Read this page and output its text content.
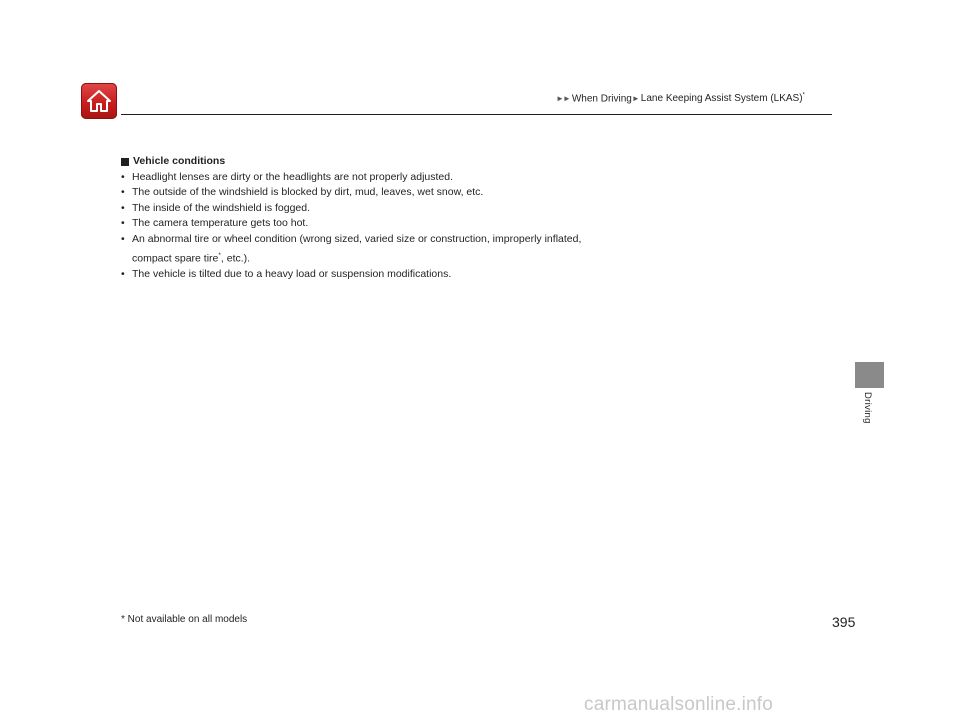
►► When Driving► Lane Keeping Assist System (LKAS)*

Vehicle conditions

• Headlight lenses are dirty or the headlights are not properly adjusted.
• The outside of the windshield is blocked by dirt, mud, leaves, wet snow, etc.
• The inside of the windshield is fogged.
• The camera temperature gets too hot.
• An abnormal tire or wheel condition (wrong sized, varied size or construction, improperly inflated, compact spare tire*, etc.).
• The vehicle is tilted due to a heavy load or suspension modifications.
Driving
* Not available on all models	395
carmanualsonline.info
